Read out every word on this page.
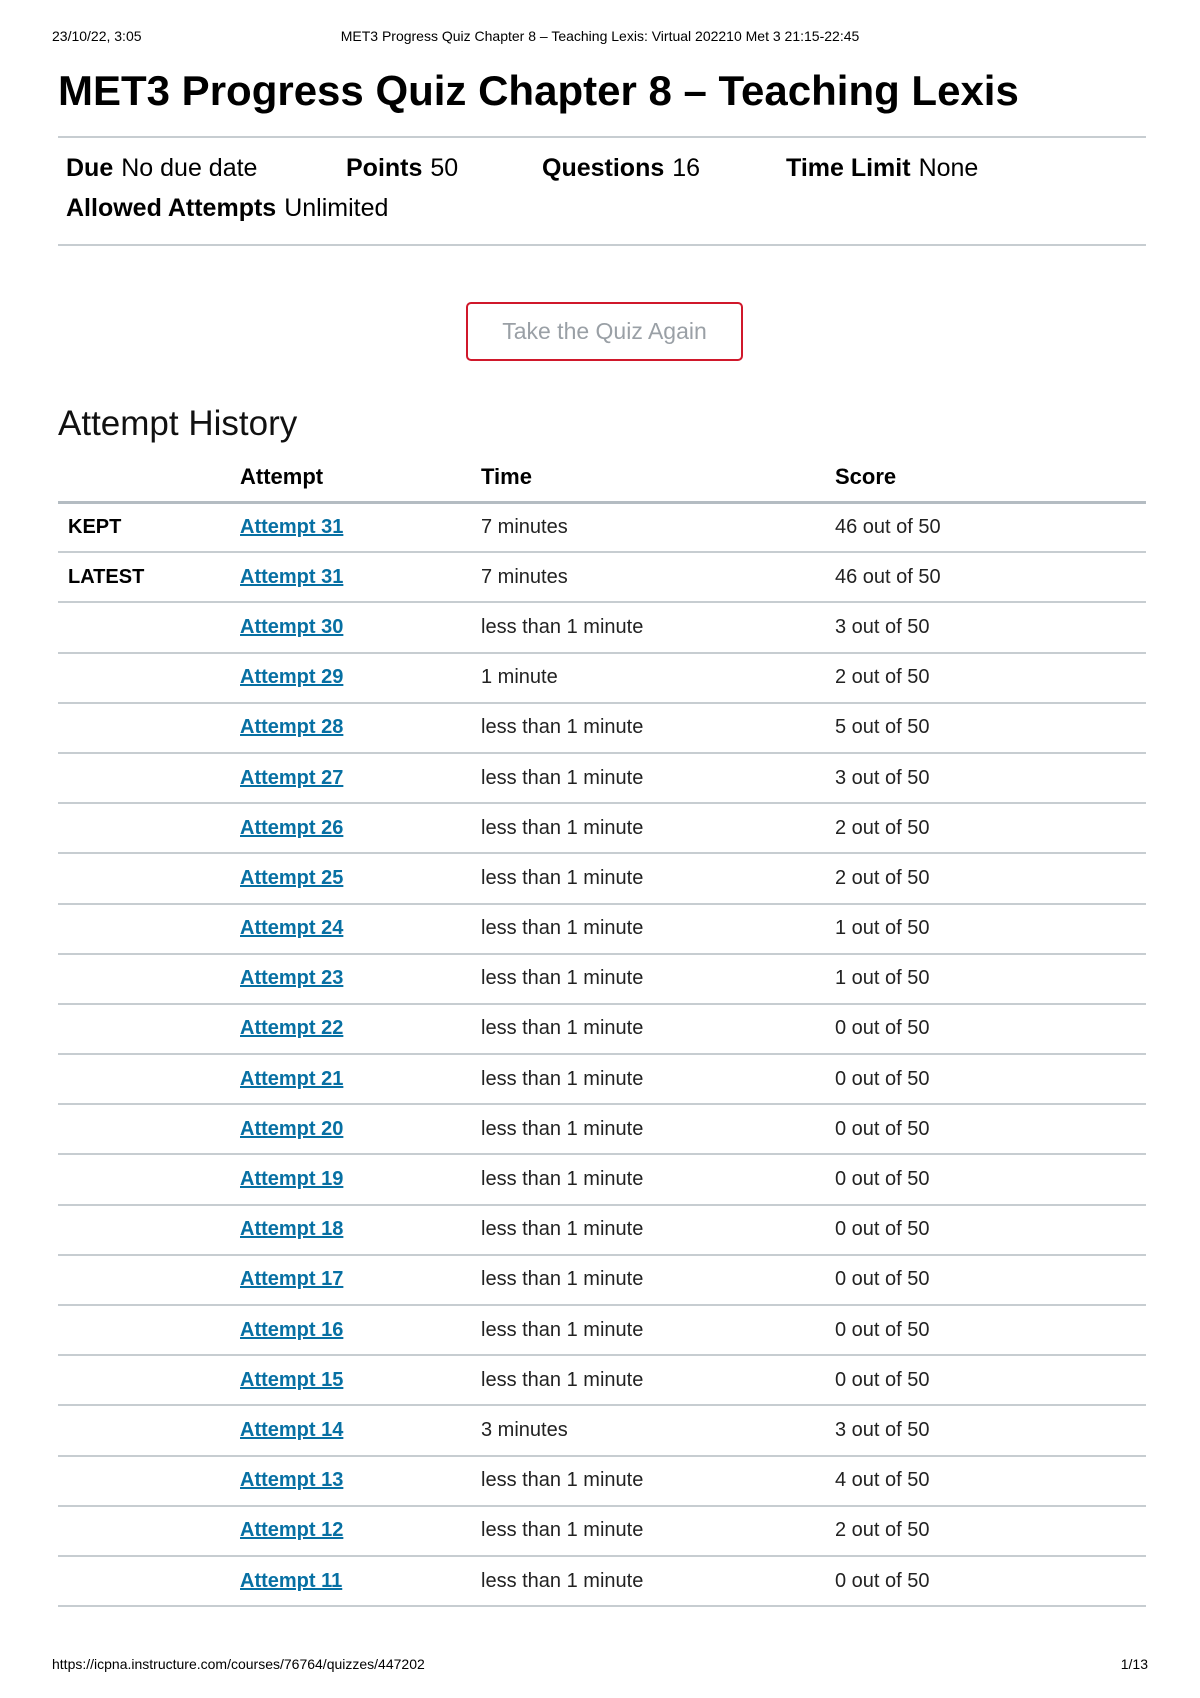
23/10/22, 3:05	MET3 Progress Quiz Chapter 8 – Teaching Lexis: Virtual 202210 Met 3 21:15-22:45
MET3 Progress Quiz Chapter 8 – Teaching Lexis
Due No due date	Points 50	Questions 16	Time Limit None
Allowed Attempts Unlimited
Take the Quiz Again
Attempt History
	Attempt	Time	Score
KEPT	Attempt 31	7 minutes	46 out of 50
LATEST	Attempt 31	7 minutes	46 out of 50
	Attempt 30	less than 1 minute	3 out of 50
	Attempt 29	1 minute	2 out of 50
	Attempt 28	less than 1 minute	5 out of 50
	Attempt 27	less than 1 minute	3 out of 50
	Attempt 26	less than 1 minute	2 out of 50
	Attempt 25	less than 1 minute	2 out of 50
	Attempt 24	less than 1 minute	1 out of 50
	Attempt 23	less than 1 minute	1 out of 50
	Attempt 22	less than 1 minute	0 out of 50
	Attempt 21	less than 1 minute	0 out of 50
	Attempt 20	less than 1 minute	0 out of 50
	Attempt 19	less than 1 minute	0 out of 50
	Attempt 18	less than 1 minute	0 out of 50
	Attempt 17	less than 1 minute	0 out of 50
	Attempt 16	less than 1 minute	0 out of 50
	Attempt 15	less than 1 minute	0 out of 50
	Attempt 14	3 minutes	3 out of 50
	Attempt 13	less than 1 minute	4 out of 50
	Attempt 12	less than 1 minute	2 out of 50
	Attempt 11	less than 1 minute	0 out of 50
https://icpna.instructure.com/courses/76764/quizzes/447202	1/13
